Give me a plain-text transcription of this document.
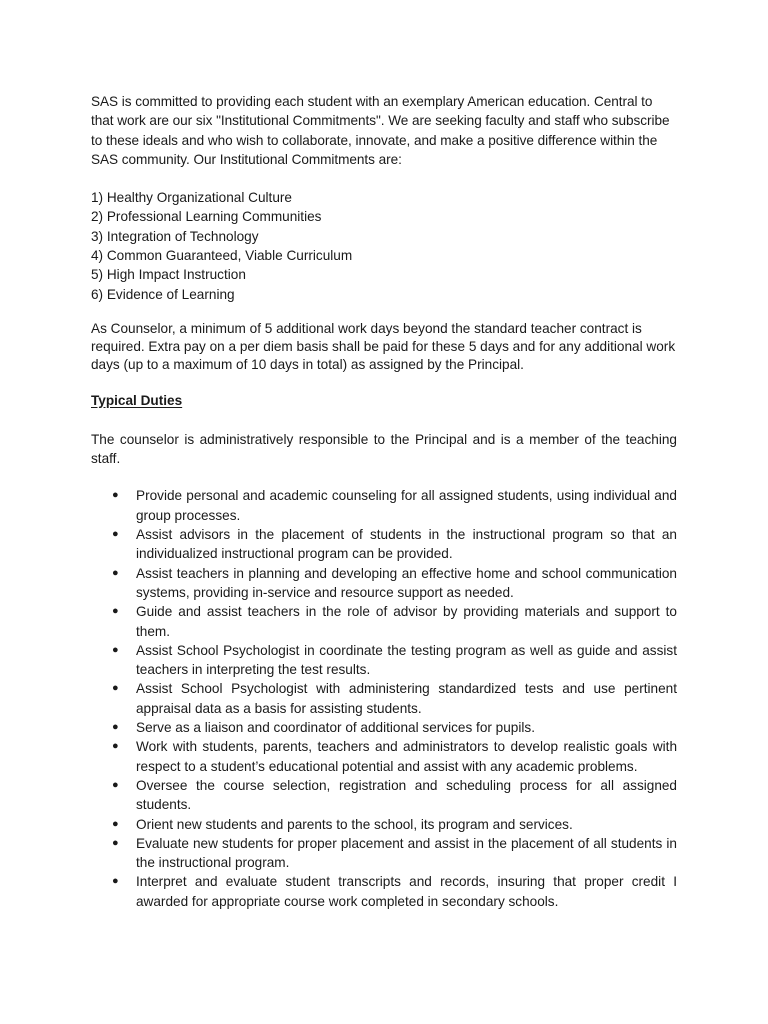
SAS is committed to providing each student with an exemplary American education. Central to that work are our six "Institutional Commitments". We are seeking faculty and staff who subscribe to these ideals and who wish to collaborate, innovate, and make a positive difference within the SAS community. Our Institutional Commitments are:

1) Healthy Organizational Culture
2) Professional Learning Communities
3) Integration of Technology
4) Common Guaranteed, Viable Curriculum
5) High Impact Instruction
6) Evidence of Learning

As Counselor, a minimum of 5 additional work days beyond the standard teacher contract is required. Extra pay on a per diem basis shall be paid for these 5 days and for any additional work days (up to a maximum of 10 days in total) as assigned by the Principal.

Typical Duties

The counselor is administratively responsible to the Principal and is a member of the teaching staff.

● Provide personal and academic counseling for all assigned students, using individual and group processes.
● Assist advisors in the placement of students in the instructional program so that an individualized instructional program can be provided.
● Assist teachers in planning and developing an effective home and school communication systems, providing in-service and resource support as needed.
● Guide and assist teachers in the role of advisor by providing materials and support to them.
● Assist School Psychologist in coordinate the testing program as well as guide and assist teachers in interpreting the test results.
● Assist School Psychologist with administering standardized tests and use pertinent appraisal data as a basis for assisting students.
● Serve as a liaison and coordinator of additional services for pupils.
● Work with students, parents, teachers and administrators to develop realistic goals with respect to a student’s educational potential and assist with any academic problems.
● Oversee the course selection, registration and scheduling process for all assigned students.
● Orient new students and parents to the school, its program and services.
● Evaluate new students for proper placement and assist in the placement of all students in the instructional program.
● Interpret and evaluate student transcripts and records, insuring that proper credit I awarded for appropriate course work completed in secondary schools.
